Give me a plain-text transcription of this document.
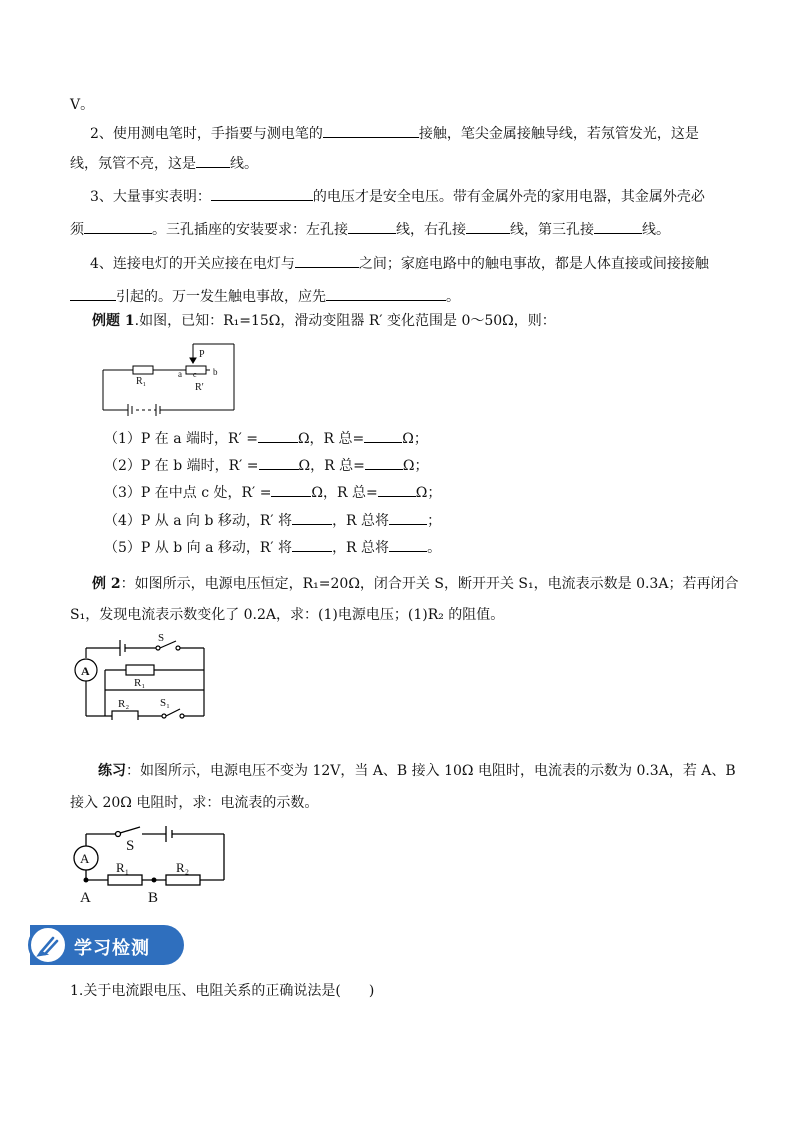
V。
2、使用测电笔时，手指要与测电笔的	接触，笔尖金属接触导线，若氖管发光，这是
线，氖管不亮，这是 线。
3、大量事实表明：	的电压才是安全电压。带有金属外壳的家用电器，其金属外壳必
须	。三孔插座的安装要求：左孔接	线，右孔接	线，第三孔接	线。
4、连接电灯的开关应接在电灯与	之间；家庭电路中的触电事故，都是人体直接或间接接触
引起的。万一发生触电事故，应先	。
例题 1.如图，已知：R₁=15Ω，滑动变阻器 R′ 变化范围是 0～50Ω，则：
P
R₁
a c b
R′
（1）P 在 a 端时，R′ =	Ω，R 总=	Ω；
（2）P 在 b 端时，R′ =	Ω，R 总=	Ω；
（3）P 在中点 c 处，R′ =	Ω，R 总=	Ω；
（4）P 从 a 向 b 移动，R′ 将	，R 总将	；
（5）P 从 b 向 a 移动，R′ 将	，R 总将	。
例 2：如图所示，电源电压恒定，R₁=20Ω，闭合开关 S，断开开关 S₁，电流表示数是 0.3A；若再闭合
S₁，发现电流表示数变化了 0.2A，求：(1)电源电压；(1)R₂ 的阻值。
A
S
R₁
R₂	S₁
练习：如图所示，电源电压不变为 12V，当 A、B 接入 10Ω 电阻时，电流表的示数为 0.3A，若 A、B
接入 20Ω 电阻时，求：电流表的示数。
A
S
R₁	R₂
A	B
学习检测
1.关于电流跟电压、电阻关系的正确说法是(　　)
